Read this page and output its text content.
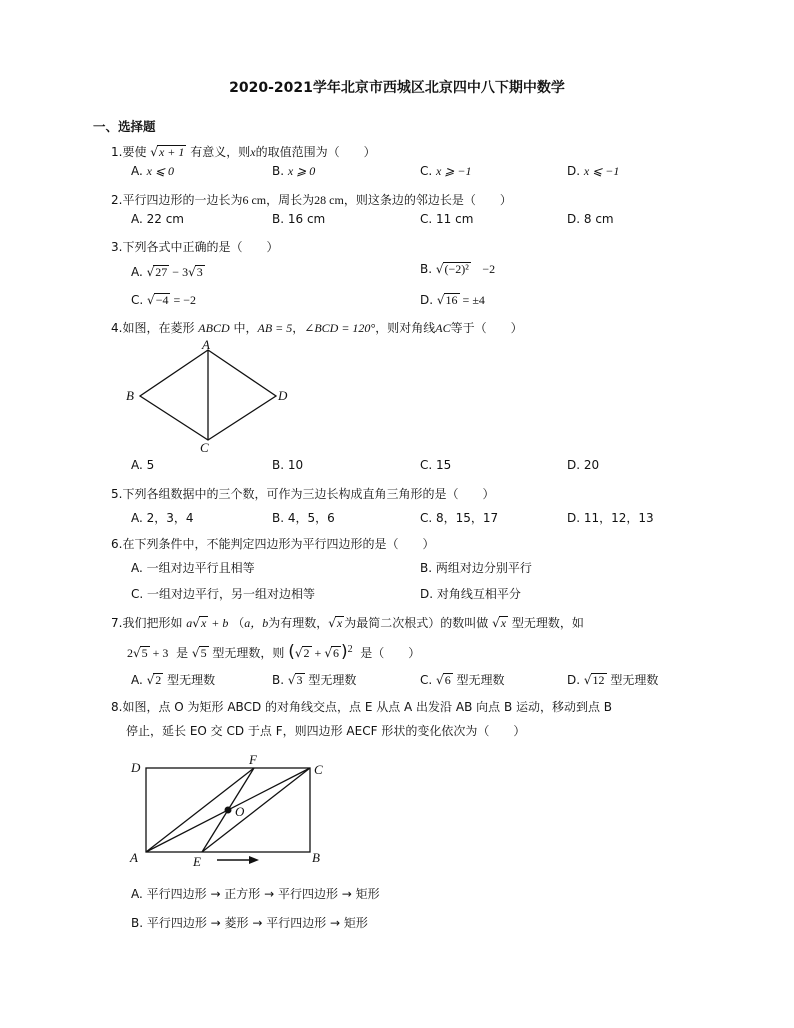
2020-2021学年北京市西城区北京四中八下期中数学
一、选择题
1.要使 √x + 1 有意义，则x的取值范围为（　　）
A. x ⩽ 0	B. x ⩾ 0	C. x ⩾ −1	D. x ⩽ −1
2.平行四边形的一边长为6 cm，周长为28 cm，则这条边的邻边长是（　　）
A. 22 cm	B. 16 cm	C. 11 cm	D. 8 cm
3.下列各式中正确的是（　　）
A. √27 − 3√3	B. √(−2)² −2
C. √−4 = −2	D. √16 = ±4
4.如图，在菱形 ABCD 中，AB = 5，∠BCD = 120°，则对角线AC等于（　　）
A
B
C
D
A. 5	B. 10	C. 15	D. 20
5.下列各组数据中的三个数，可作为三边长构成直角三角形的是（　　）
A. 2，3，4	B. 4，5，6	C. 8，15，17	D. 11，12，13
6.在下列条件中，不能判定四边形为平行四边形的是（　　）
A. 一组对边平行且相等	B. 两组对边分别平行
C. 一组对边平行，另一组对边相等	D. 对角线互相平分
7.我们把形如 a√x + b （a，b为有理数，√x 为最简二次根式）的数叫做 √x 型无理数，如
2√5 + 3 是 √5 型无理数，则 (√2 + √6 )$^2$ 是（　　）
A. √2 型无理数	B. √3 型无理数	C. √6 型无理数	D. √12 型无理数
8.如图，点 O 为矩形 ABCD 的对角线交点，点 E 从点 A 出发沿 AB 向点 B 运动，移动到点 B
停止，延长 EO 交 CD 于点 F，则四边形 AECF 形状的变化依次为（　　）
D
F
C
O
A	E	B
A. 平行四边形 → 正方形 → 平行四边形 → 矩形
B. 平行四边形 → 菱形 → 平行四边形 → 矩形
